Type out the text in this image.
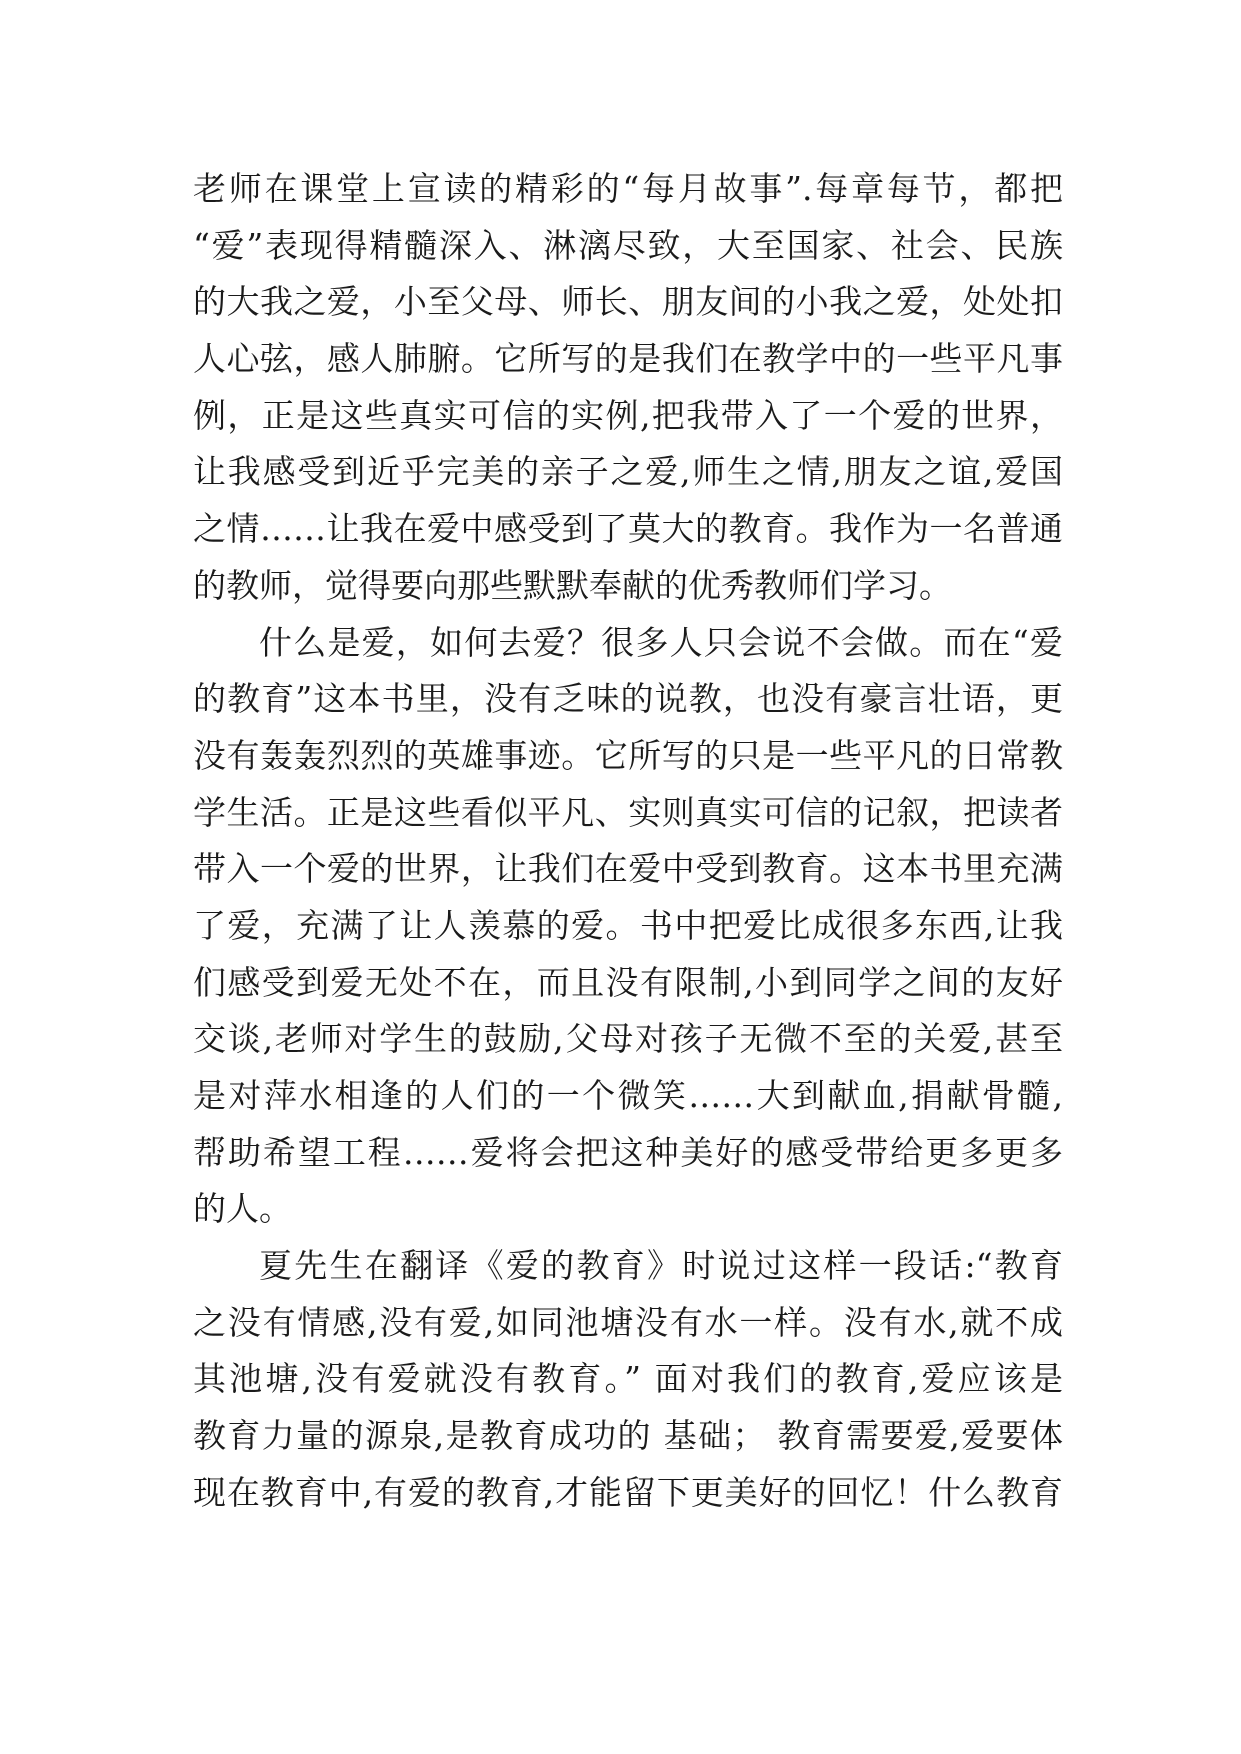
老师在课堂上宣读的精彩的“每月故事”.每章每节，都把
“爱”表现得精髓深入、淋漓尽致，大至国家、社会、民族
的大我之爱，小至父母、师长、朋友间的小我之爱，处处扣
人心弦，感人肺腑。它所写的是我们在教学中的一些平凡事
例，正是这些真实可信的实例,把我带入了一个爱的世界，
让我感受到近乎完美的亲子之爱,师生之情,朋友之谊,爱国
之情……让我在爱中感受到了莫大的教育。我作为一名普通
的教师，觉得要向那些默默奉献的优秀教师们学习。
什么是爱，如何去爱？很多人只会说不会做。而在“爱
的教育”这本书里，没有乏味的说教，也没有豪言壮语，更
没有轰轰烈烈的英雄事迹。它所写的只是一些平凡的日常教
学生活。正是这些看似平凡、实则真实可信的记叙，把读者
带入一个爱的世界，让我们在爱中受到教育。这本书里充满
了爱，充满了让人羡慕的爱。书中把爱比成很多东西,让我
们感受到爱无处不在，而且没有限制,小到同学之间的友好
交谈,老师对学生的鼓励,父母对孩子无微不至的关爱,甚至
是对萍水相逢的人们的一个微笑……大到献血,捐献骨髓,
帮助希望工程……爱将会把这种美好的感受带给更多更多
的人。
夏先生在翻译《爱的教育》时说过这样一段话:“教育
之没有情感,没有爱,如同池塘没有水一样。没有水,就不成
其池塘,没有爱就没有教育。” 面对我们的教育,爱应该是
教育力量的源泉,是教育成功的 基础； 教育需要爱,爱要体
现在教育中,有爱的教育,才能留下更美好的回忆！什么教育
